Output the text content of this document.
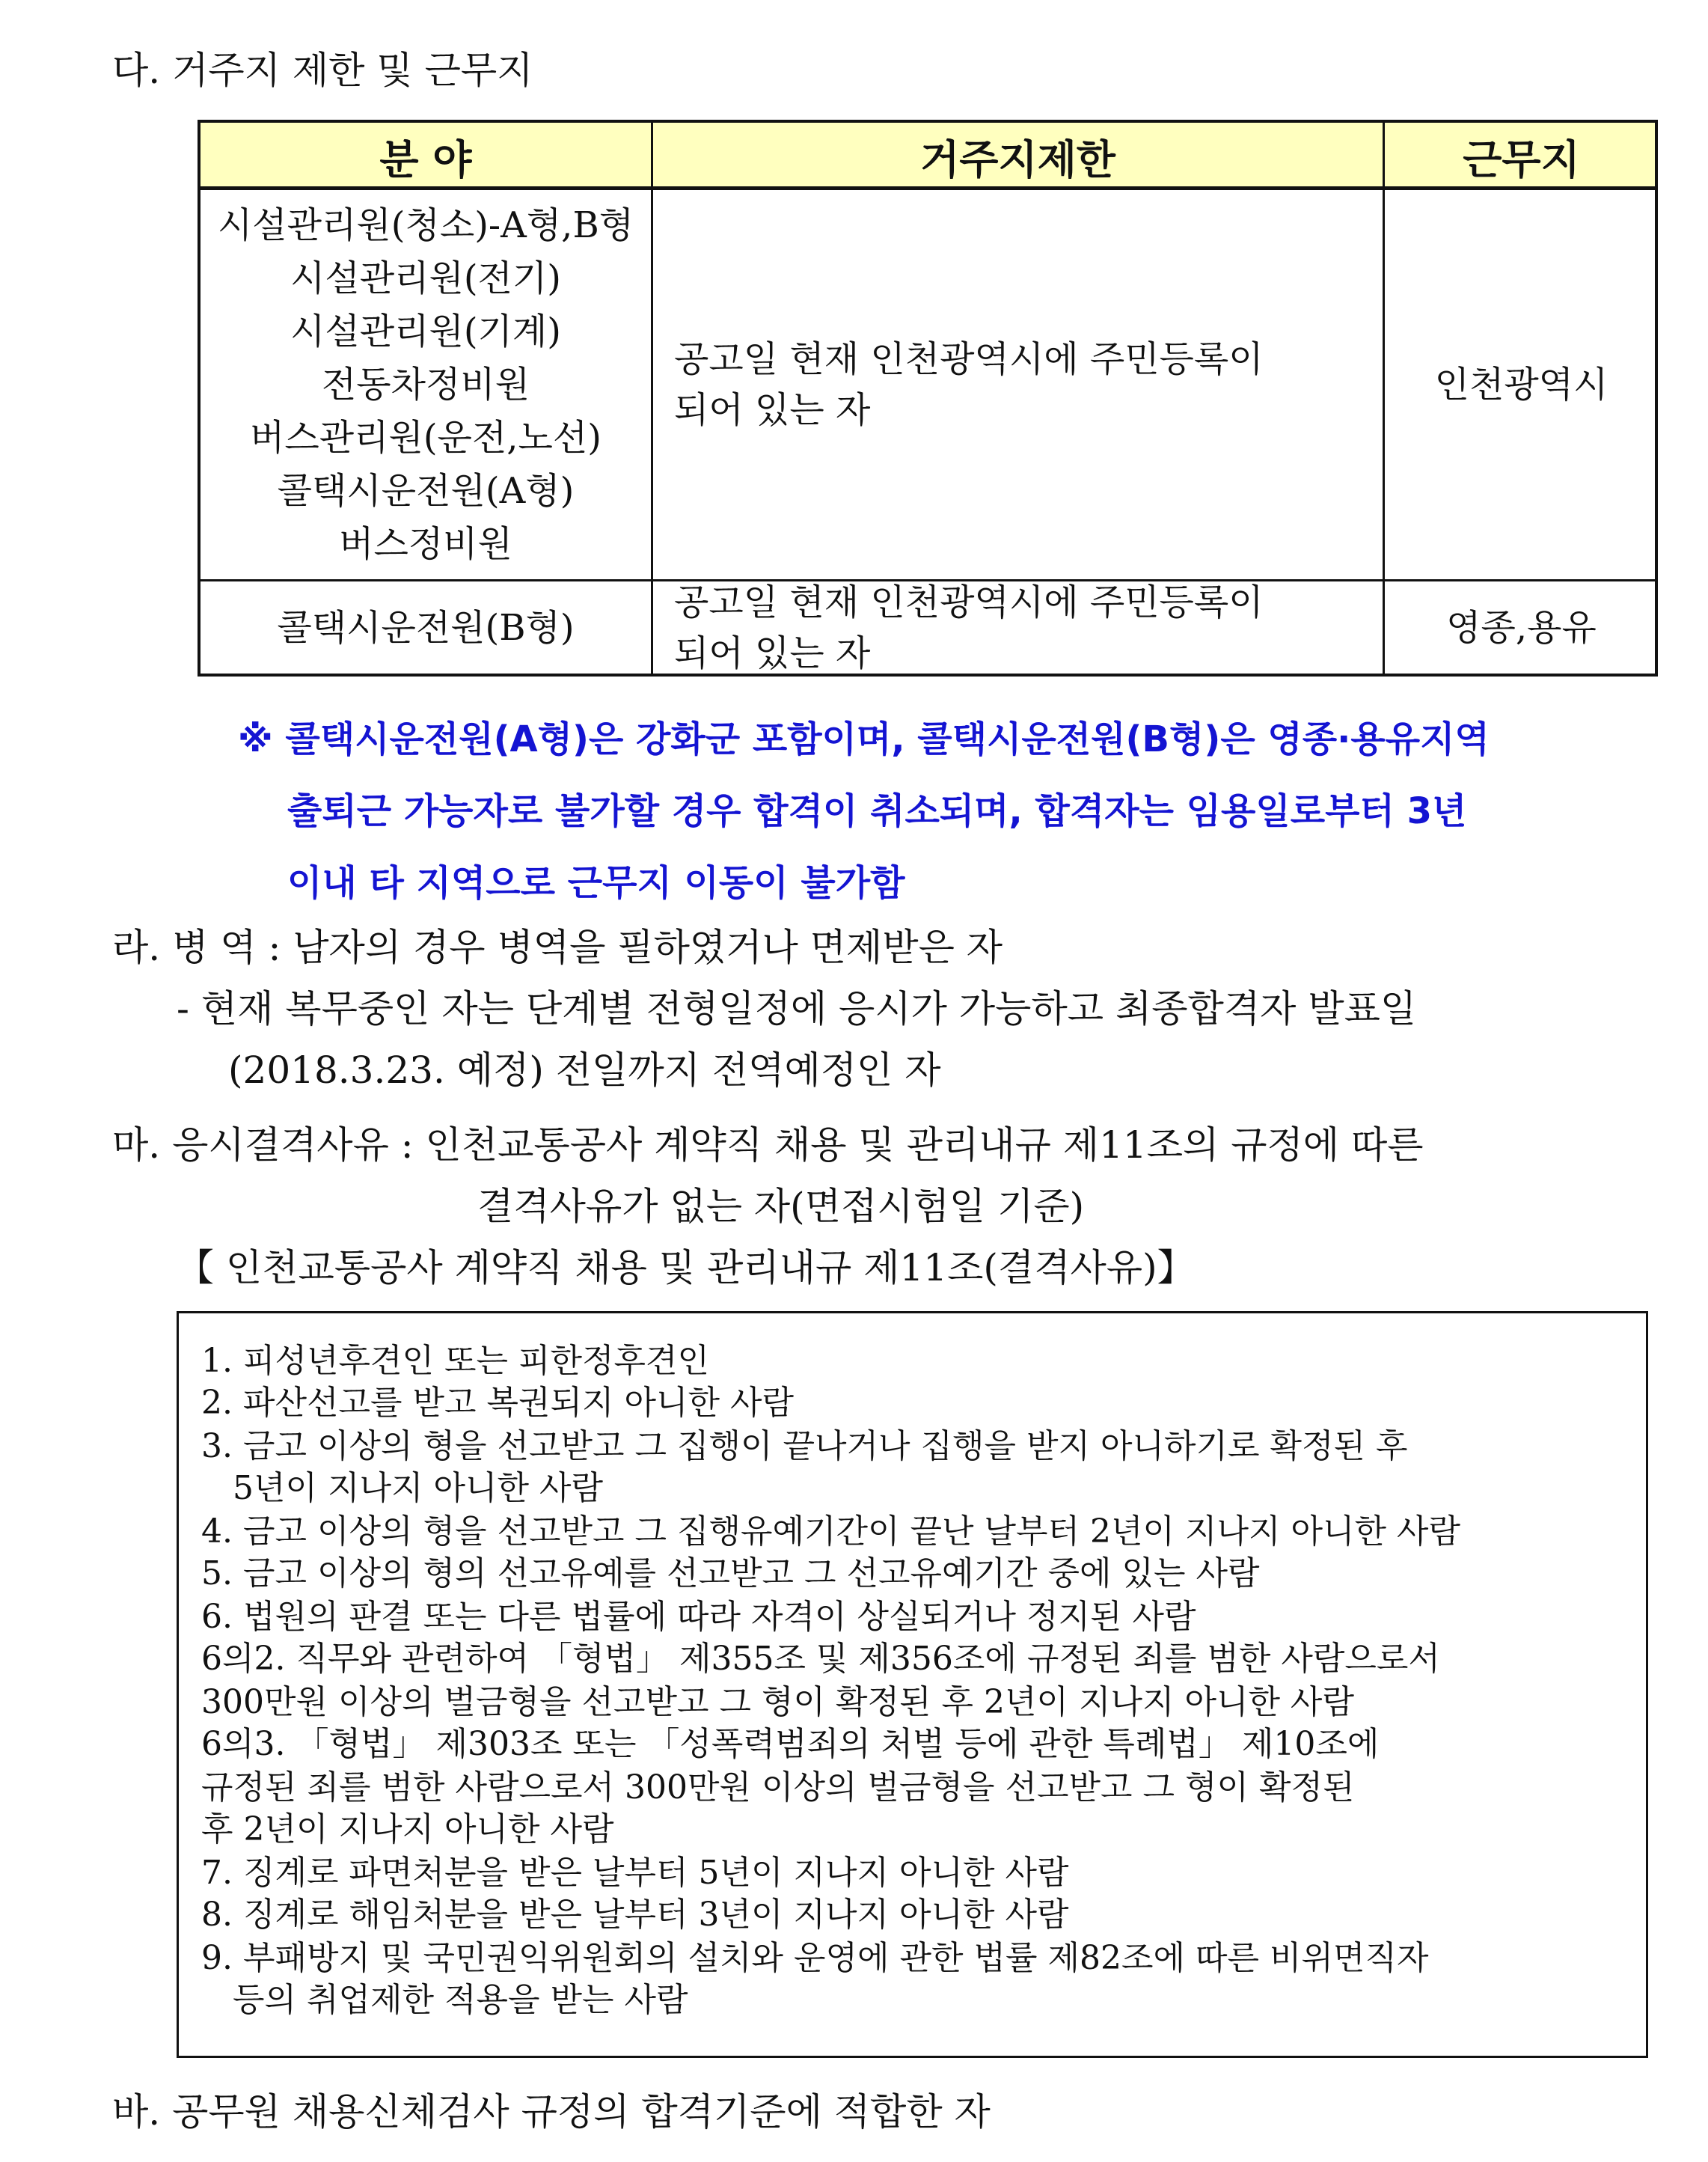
다. 거주지 제한 및 근무지
분 야	거주지제한	근무지
시설관리원(청소)-A형,B형
시설관리원(전기)
시설관리원(기계)
전동차정비원
버스관리원(운전,노선)
콜택시운전원(A형)
버스정비원
공고일 현재 인천광역시에 주민등록이
되어 있는 자
인천광역시
콜택시운전원(B형)
공고일 현재 인천광역시에 주민등록이
되어 있는 자
영종,용유
※ 콜택시운전원(A형)은 강화군 포함이며, 콜택시운전원(B형)은 영종·용유지역
출퇴근 가능자로 불가할 경우 합격이 취소되며, 합격자는 임용일로부터 3년
이내 타 지역으로 근무지 이동이 불가함
라. 병 역 : 남자의 경우 병역을 필하였거나 면제받은 자
- 현재 복무중인 자는 단계별 전형일정에 응시가 가능하고 최종합격자 발표일
(2018.3.23. 예정) 전일까지 전역예정인 자
마. 응시결격사유 : 인천교통공사 계약직 채용 및 관리내규 제11조의 규정에 따른
결격사유가 없는 자(면접시험일 기준)
【 인천교통공사 계약직 채용 및 관리내규 제11조(결격사유)】
1. 피성년후견인 또는 피한정후견인
2. 파산선고를 받고 복권되지 아니한 사람
3. 금고 이상의 형을 선고받고 그 집행이 끝나거나 집행을 받지 아니하기로 확정된 후
5년이 지나지 아니한 사람
4. 금고 이상의 형을 선고받고 그 집행유예기간이 끝난 날부터 2년이 지나지 아니한 사람
5. 금고 이상의 형의 선고유예를 선고받고 그 선고유예기간 중에 있는 사람
6. 법원의 판결 또는 다른 법률에 따라 자격이 상실되거나 정지된 사람
6의2. 직무와 관련하여 「형법」 제355조 및 제356조에 규정된 죄를 범한 사람으로서
300만원 이상의 벌금형을 선고받고 그 형이 확정된 후 2년이 지나지 아니한 사람
6의3. 「형법」 제303조 또는 「성폭력범죄의 처벌 등에 관한 특례법」 제10조에
규정된 죄를 범한 사람으로서 300만원 이상의 벌금형을 선고받고 그 형이 확정된
후 2년이 지나지 아니한 사람
7. 징계로 파면처분을 받은 날부터 5년이 지나지 아니한 사람
8. 징계로 해임처분을 받은 날부터 3년이 지나지 아니한 사람
9. 부패방지 및 국민권익위원회의 설치와 운영에 관한 법률 제82조에 따른 비위면직자
등의 취업제한 적용을 받는 사람
바. 공무원 채용신체검사 규정의 합격기준에 적합한 자
